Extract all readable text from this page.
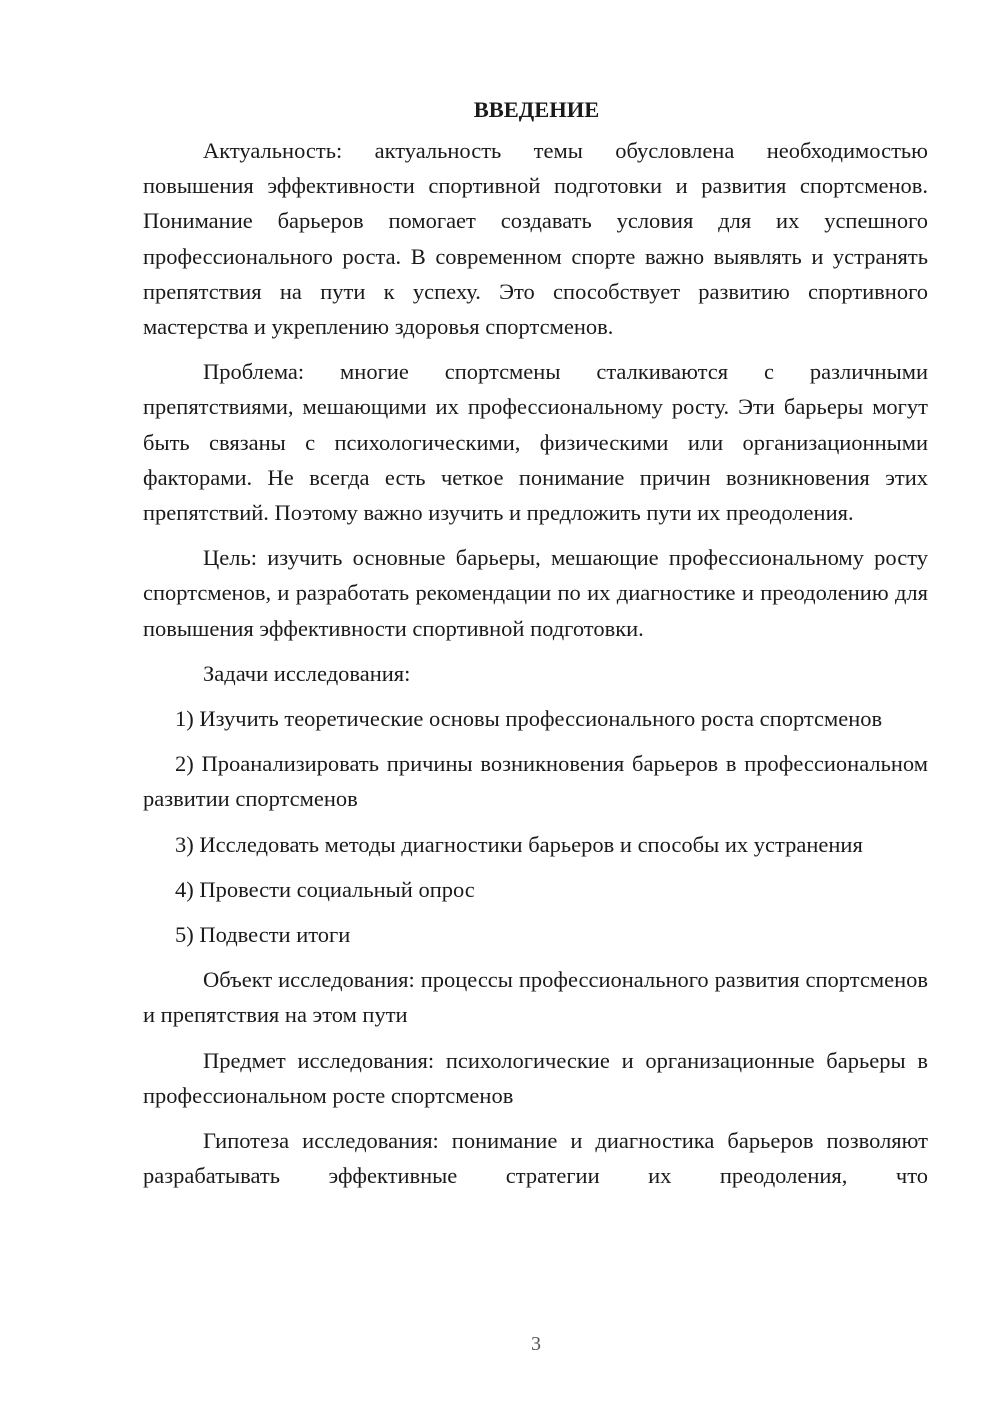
ВВЕДЕНИЕ

Актуальность: актуальность темы обусловлена необходимостью повышения эффективности спортивной подготовки и развития спортсменов. Понимание барьеров помогает создавать условия для их успешного профессионального роста. В современном спорте важно выявлять и устранять препятствия на пути к успеху. Это способствует развитию спортивного мастерства и укреплению здоровья спортсменов.

Проблема: многие спортсмены сталкиваются с различными препятствиями, мешающими их профессиональному росту. Эти барьеры могут быть связаны с психологическими, физическими или организационными факторами. Не всегда есть четкое понимание причин возникновения этих препятствий. Поэтому важно изучить и предложить пути их преодоления.

Цель: изучить основные барьеры, мешающие профессиональному росту спортсменов, и разработать рекомендации по их диагностике и преодолению для повышения эффективности спортивной подготовки.

Задачи исследования:

1) Изучить теоретические основы профессионального роста спортсменов

2) Проанализировать причины возникновения барьеров в профессиональном развитии спортсменов

3) Исследовать методы диагностики барьеров и способы их устранения

4) Провести социальный опрос

5) Подвести итоги

Объект исследования: процессы профессионального развития спортсменов и препятствия на этом пути

Предмет исследования: психологические и организационные барьеры в профессиональном росте спортсменов

Гипотеза исследования: понимание и диагностика барьеров позволяют разрабатывать эффективные стратегии их преодоления, что

3
